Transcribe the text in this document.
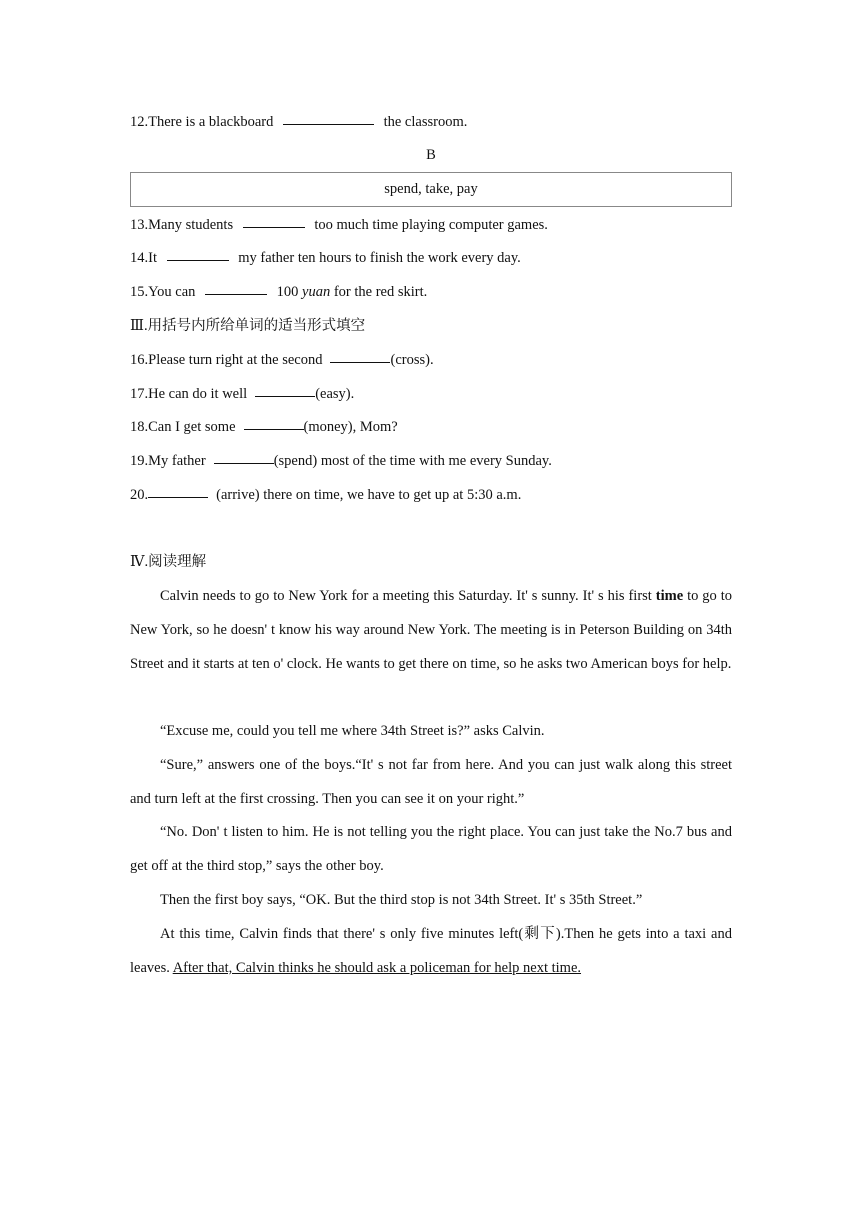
12.There is a blackboard	the classroom.
B
spend, take, pay
13.Many students	too much time playing computer games.
14.It	my father ten hours to finish the work every day.
15.You can	100 yuan for the red skirt.
Ⅲ.用括号内所给单词的适当形式填空
16.Please turn right at the second	(cross).
17.He can do it well	(easy).
18.Can I get some	(money), Mom?
19.My father	(spend) most of the time with me every Sunday.
20.	(arrive) there on time, we have to get up at 5:30 a.m.
Ⅳ.阅读理解
Calvin needs to go to New York for a meeting this Saturday. It' s sunny. It' s his first time to go to New York, so he doesn' t know his way around New York. The meeting is in Peterson Building on 34th Street and it starts at ten o' clock. He wants to get there on time, so he asks two American boys for help.
“Excuse me, could you tell me where 34th Street is?” asks Calvin.
“Sure,” answers one of the boys.“It' s not far from here. And you can just walk along this street and turn left at the first crossing. Then you can see it on your right.”
“No. Don' t listen to him. He is not telling you the right place. You can just take the No.7 bus and get off at the third stop,” says the other boy.
Then the first boy says, “OK. But the third stop is not 34th Street. It' s 35th Street.”
At this time, Calvin finds that there' s only five minutes left(剩下).Then he gets into a taxi and leaves. After that, Calvin thinks he should ask a policeman for help next time.
